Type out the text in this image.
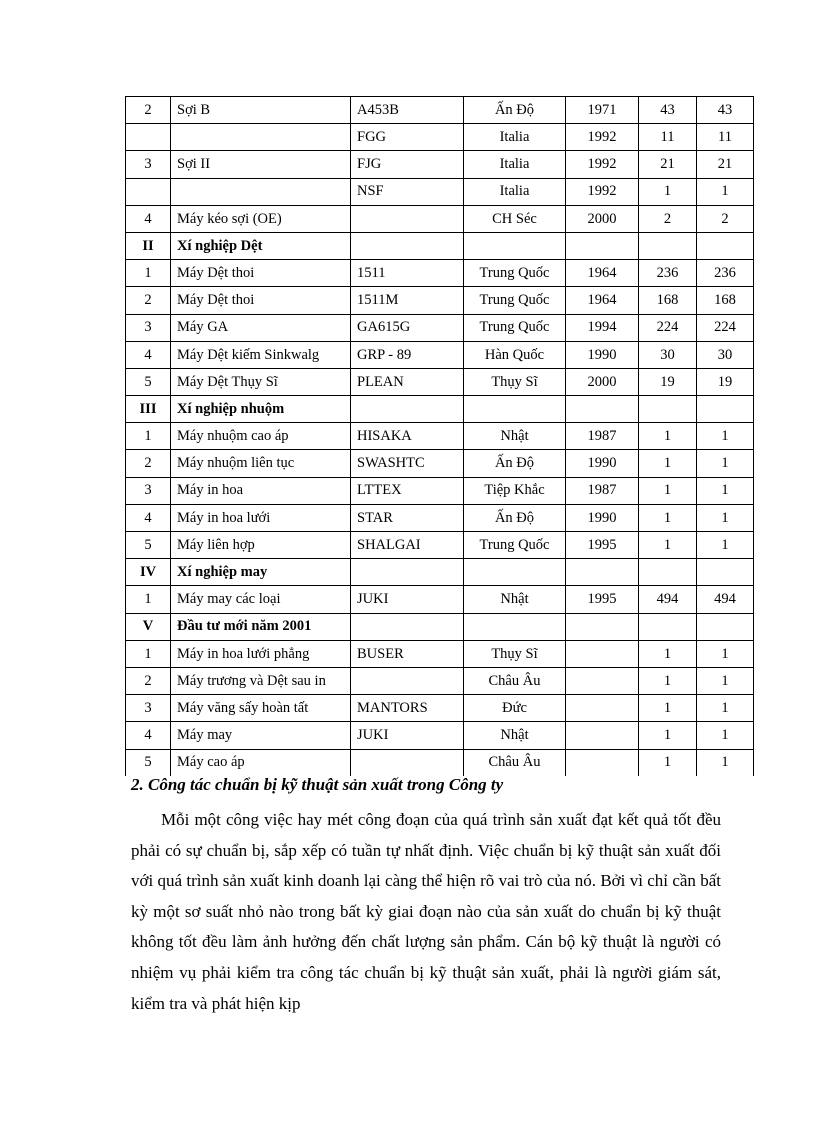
2	Sợi B	A453B	Ấn Độ	1971	43	43
		FGG	Italia	1992	11	11
3	Sợi II	FJG	Italia	1992	21	21
		NSF	Italia	1992	1	1
4	Máy kéo sợi (OE)		CH Séc	2000	2	2
II	Xí nghiệp Dệt					
1	Máy Dệt thoi	1511	Trung Quốc	1964	236	236
2	Máy Dệt thoi	1511M	Trung Quốc	1964	168	168
3	Máy GA	GA615G	Trung Quốc	1994	224	224
4	Máy Dệt kiếm Sinkwalg	GRP - 89	Hàn Quốc	1990	30	30
5	Máy Dệt Thụy Sĩ	PLEAN	Thụy Sĩ	2000	19	19
III	Xí nghiệp nhuộm					
1	Máy nhuộm cao áp	HISAKA	Nhật	1987	1	1
2	Máy nhuộm liên tục	SWASHTC	Ấn Độ	1990	1	1
3	Máy in hoa	LTTEX	Tiệp Khắc	1987	1	1
4	Máy in hoa lưới	STAR	Ấn Độ	1990	1	1
5	Máy liên hợp	SHALGAI	Trung Quốc	1995	1	1
IV	Xí nghiệp may					
1	Máy may các loại	JUKI	Nhật	1995	494	494
V	Đầu tư mới năm 2001					
1	Máy in hoa lưới phẳng	BUSER	Thụy Sĩ		1	1
2	Máy trương và Dệt sau in		Châu Âu		1	1
3	Máy văng sấy hoàn tất	MANTORS	Đức		1	1
4	Máy may	JUKI	Nhật		1	1
5	Máy cao áp		Châu Âu		1	1
2. Công tác chuẩn bị kỹ thuật sản xuất trong Công ty

Mỗi một công việc hay mét công đoạn của quá trình sản xuất đạt kết quả tốt đều phải có sự chuẩn bị, sắp xếp có tuần tự nhất định. Việc chuẩn bị kỹ thuật sản xuất đối với quá trình sản xuất kinh doanh lại càng thể hiện rõ vai trò của nó. Bởi vì chỉ cần bất kỳ một sơ suất nhỏ nào trong bất kỳ giai đoạn nào của sản xuất do chuẩn bị kỹ thuật không tốt đều làm ảnh hưởng đến chất lượng sản phẩm. Cán bộ kỹ thuật là người có nhiệm vụ phải kiểm tra công tác chuẩn bị kỹ thuật sản xuất, phải là người giám sát, kiểm tra và phát hiện kịp
